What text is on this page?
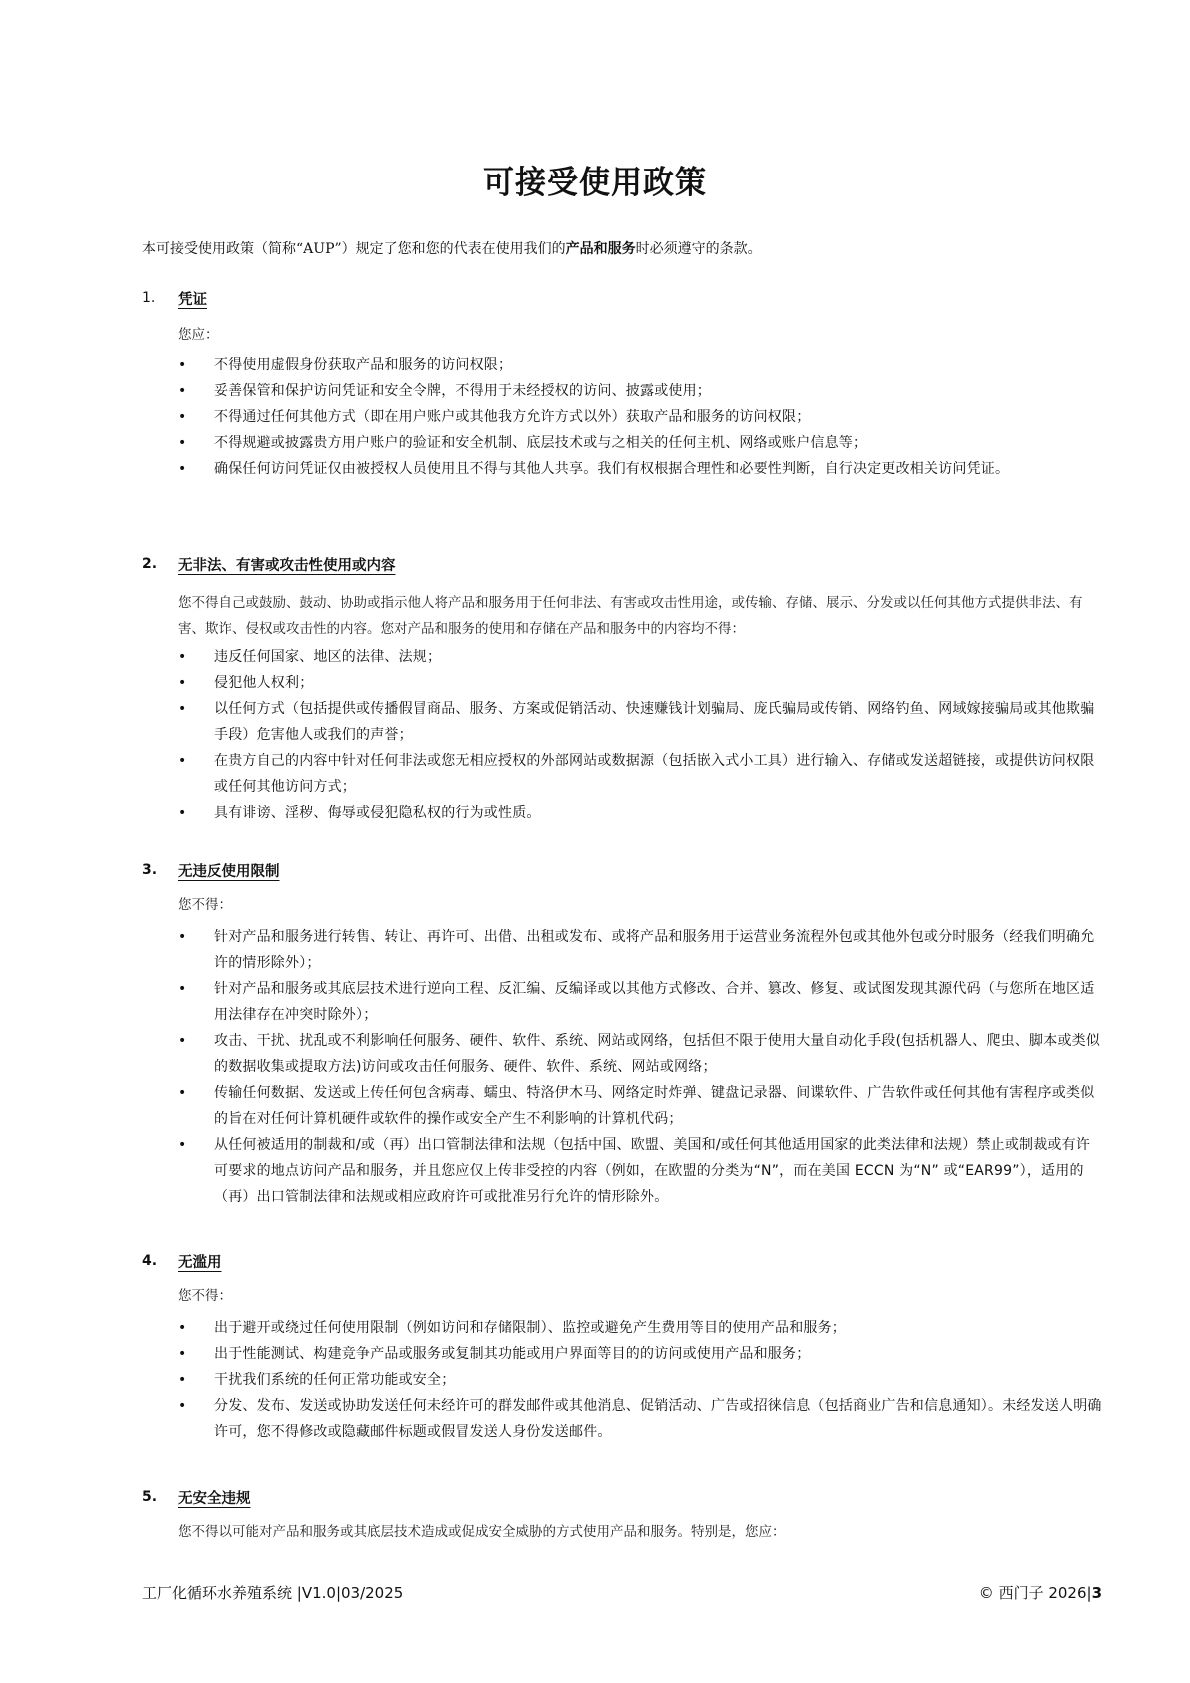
可接受使用政策
本可接受使用政策（简称“AUP”）规定了您和您的代表在使用我们的产品和服务时必须遵守的条款。
1.	凭证
您应：
• 不得使用虚假身份获取产品和服务的访问权限；
• 妥善保管和保护访问凭证和安全令牌，不得用于未经授权的访问、披露或使用；
• 不得通过任何其他方式（即在用户账户或其他我方允许方式以外）获取产品和服务的访问权限；
• 不得规避或披露贵方用户账户的验证和安全机制、底层技术或与之相关的任何主机、网络或账户信息等；
• 确保任何访问凭证仅由被授权人员使用且不得与其他人共享。我们有权根据合理性和必要性判断，自行决定更改相关访问凭证。
2.	无非法、有害或攻击性使用或内容
您不得自己或鼓励、鼓动、协助或指示他人将产品和服务用于任何非法、有害或攻击性用途，或传输、存储、展示、分发或以任何其他方式提供非法、有害、欺诈、侵权或攻击性的内容。您对产品和服务的使用和存储在产品和服务中的内容均不得：
• 违反任何国家、地区的法律、法规；
• 侵犯他人权利；
• 以任何方式（包括提供或传播假冒商品、服务、方案或促销活动、快速赚钱计划骗局、庞氏骗局或传销、网络钓鱼、网域嫁接骗局或其他欺骗手段）危害他人或我们的声誉；
• 在贵方自己的内容中针对任何非法或您无相应授权的外部网站或数据源（包括嵌入式小工具）进行输入、存储或发送超链接，或提供访问权限或任何其他访问方式；
• 具有诽谤、淫秽、侮辱或侵犯隐私权的行为或性质。
3.	无违反使用限制
您不得：
• 针对产品和服务进行转售、转让、再许可、出借、出租或发布、或将产品和服务用于运营业务流程外包或其他外包或分时服务（经我们明确允许的情形除外）；
• 针对产品和服务或其底层技术进行逆向工程、反汇编、反编译或以其他方式修改、合并、篡改、修复、或试图发现其源代码（与您所在地区适用法律存在冲突时除外）；
• 攻击、干扰、扰乱或不利影响任何服务、硬件、软件、系统、网站或网络，包括但不限于使用大量自动化手段(包括机器人、爬虫、脚本或类似的数据收集或提取方法)访问或攻击任何服务、硬件、软件、系统、网站或网络；
• 传输任何数据、发送或上传任何包含病毒、蠕虫、特洛伊木马、网络定时炸弹、键盘记录器、间谍软件、广告软件或任何其他有害程序或类似的旨在对任何计算机硬件或软件的操作或安全产生不利影响的计算机代码；
• 从任何被适用的制裁和/或（再）出口管制法律和法规（包括中国、欧盟、美国和/或任何其他适用国家的此类法律和法规）禁止或制裁或有许可要求的地点访问产品和服务，并且您应仅上传非受控的内容（例如，在欧盟的分类为“N”，而在美国 ECCN 为“N” 或“EAR99”），适用的（再）出口管制法律和法规或相应政府许可或批准另行允许的情形除外。
4.	无滥用
您不得：
• 出于避开或绕过任何使用限制（例如访问和存储限制）、监控或避免产生费用等目的使用产品和服务；
• 出于性能测试、构建竞争产品或服务或复制其功能或用户界面等目的的访问或使用产品和服务；
• 干扰我们系统的任何正常功能或安全；
• 分发、发布、发送或协助发送任何未经许可的群发邮件或其他消息、促销活动、广告或招徕信息（包括商业广告和信息通知）。未经发送人明确许可，您不得修改或隐藏邮件标题或假冒发送人身份发送邮件。
5.	无安全违规
您不得以可能对产品和服务或其底层技术造成或促成安全威胁的方式使用产品和服务。特别是，您应：
工厂化循环水养殖系统 |V1.0|03/2025	© 西门子 2026|3
